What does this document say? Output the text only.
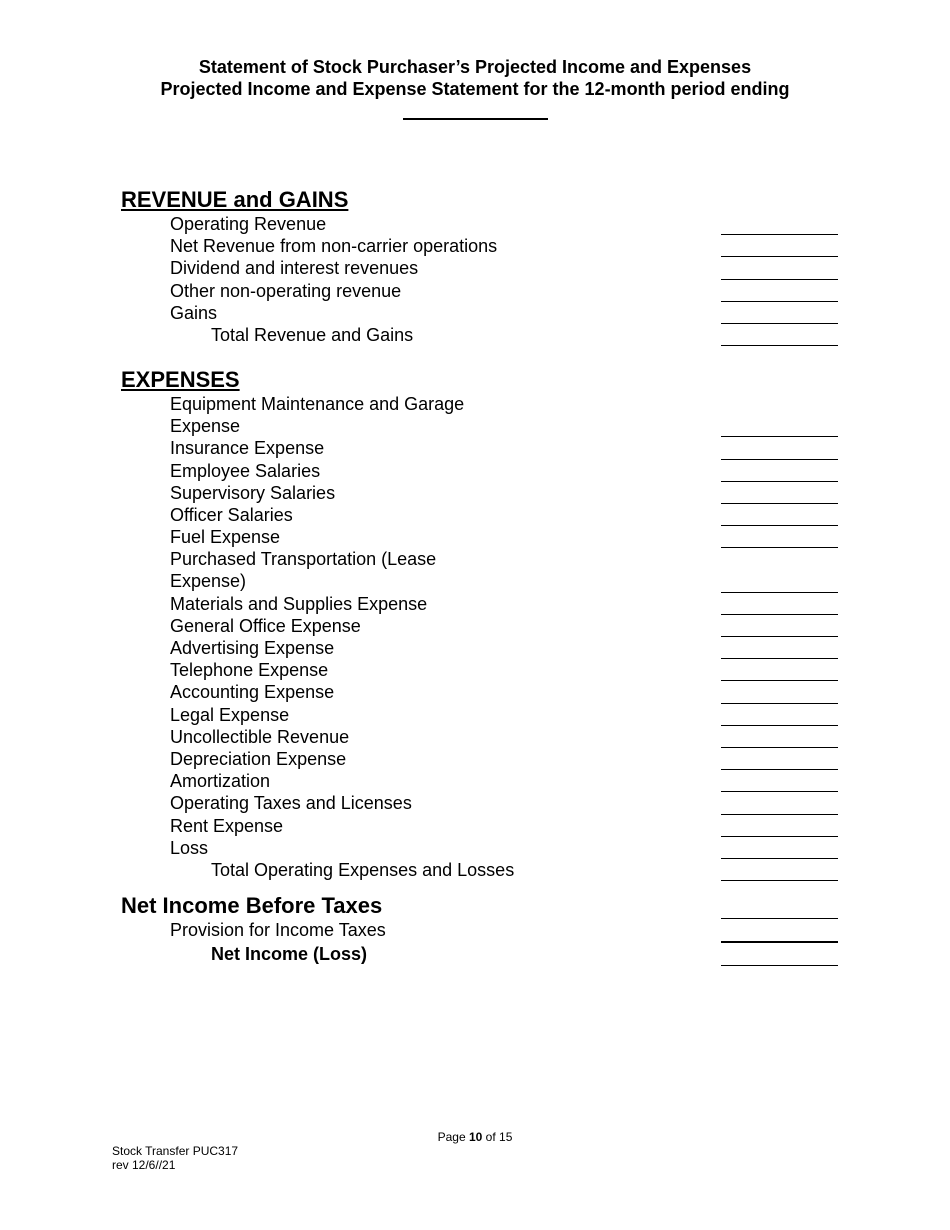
Statement of Stock Purchaser’s Projected Income and Expenses
Projected Income and Expense Statement for the 12-month period ending
REVENUE and GAINS
Operating Revenue
Net Revenue from non-carrier operations
Dividend and interest revenues
Other non-operating revenue
Gains
Total Revenue and Gains
EXPENSES
Equipment Maintenance and Garage Expense
Insurance Expense
Employee Salaries
Supervisory Salaries
Officer Salaries
Fuel Expense
Purchased Transportation (Lease Expense)
Materials and Supplies Expense
General Office Expense
Advertising Expense
Telephone Expense
Accounting Expense
Legal Expense
Uncollectible Revenue
Depreciation Expense
Amortization
Operating Taxes and Licenses
Rent Expense
Loss
Total Operating Expenses and Losses
Net Income Before Taxes
Provision for Income Taxes
Net Income (Loss)
Page 10 of 15
Stock Transfer PUC317
rev 12/6//21
